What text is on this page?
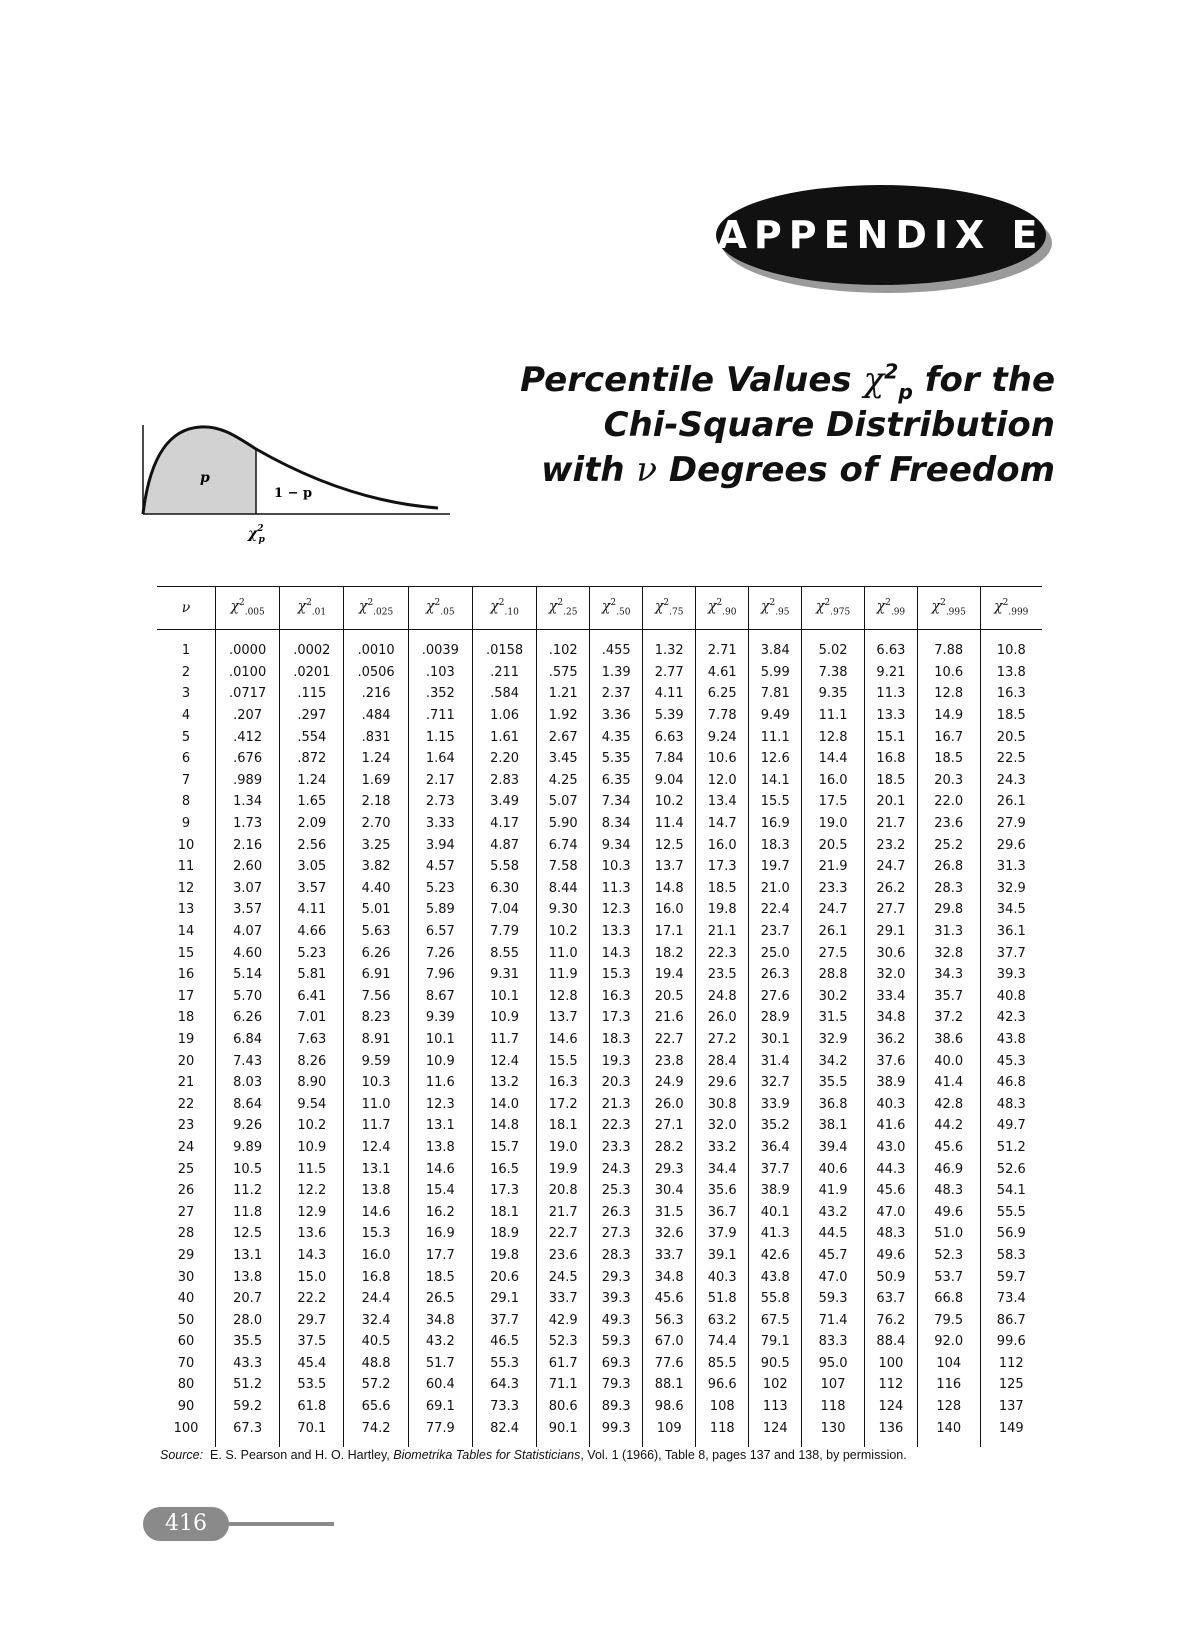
APPENDIX E
Percentile Values $\chi^2_p$ for the
Chi-Square Distribution
with ν Degrees of Freedom
p
1 − p
$\chi^2$ p
ν	$\chi^2_{.005}$	$\chi^2_{.01}$	$\chi^2_{.025}$	$\chi^2_{.05}$	$\chi^2_{.10}$	$\chi^2_{.25}$	$\chi^2_{.50}$	$\chi^2_{.75}$	$\chi^2_{.90}$	$\chi^2_{.95}$	$\chi^2_{.975}$	$\chi^2_{.99}$	$\chi^2_{.995}$	$\chi^2_{.999}$
1	.0000	.0002	.0010	.0039	.0158	.102	.455	1.32	2.71	3.84	5.02	6.63	7.88	10.8
2	.0100	.0201	.0506	.103	.211	.575	1.39	2.77	4.61	5.99	7.38	9.21	10.6	13.8
3	.0717	.115	.216	.352	.584	1.21	2.37	4.11	6.25	7.81	9.35	11.3	12.8	16.3
4	.207	.297	.484	.711	1.06	1.92	3.36	5.39	7.78	9.49	11.1	13.3	14.9	18.5
5	.412	.554	.831	1.15	1.61	2.67	4.35	6.63	9.24	11.1	12.8	15.1	16.7	20.5
6	.676	.872	1.24	1.64	2.20	3.45	5.35	7.84	10.6	12.6	14.4	16.8	18.5	22.5
7	.989	1.24	1.69	2.17	2.83	4.25	6.35	9.04	12.0	14.1	16.0	18.5	20.3	24.3
8	1.34	1.65	2.18	2.73	3.49	5.07	7.34	10.2	13.4	15.5	17.5	20.1	22.0	26.1
9	1.73	2.09	2.70	3.33	4.17	5.90	8.34	11.4	14.7	16.9	19.0	21.7	23.6	27.9
10	2.16	2.56	3.25	3.94	4.87	6.74	9.34	12.5	16.0	18.3	20.5	23.2	25.2	29.6
11	2.60	3.05	3.82	4.57	5.58	7.58	10.3	13.7	17.3	19.7	21.9	24.7	26.8	31.3
12	3.07	3.57	4.40	5.23	6.30	8.44	11.3	14.8	18.5	21.0	23.3	26.2	28.3	32.9
13	3.57	4.11	5.01	5.89	7.04	9.30	12.3	16.0	19.8	22.4	24.7	27.7	29.8	34.5
14	4.07	4.66	5.63	6.57	7.79	10.2	13.3	17.1	21.1	23.7	26.1	29.1	31.3	36.1
15	4.60	5.23	6.26	7.26	8.55	11.0	14.3	18.2	22.3	25.0	27.5	30.6	32.8	37.7
16	5.14	5.81	6.91	7.96	9.31	11.9	15.3	19.4	23.5	26.3	28.8	32.0	34.3	39.3
17	5.70	6.41	7.56	8.67	10.1	12.8	16.3	20.5	24.8	27.6	30.2	33.4	35.7	40.8
18	6.26	7.01	8.23	9.39	10.9	13.7	17.3	21.6	26.0	28.9	31.5	34.8	37.2	42.3
19	6.84	7.63	8.91	10.1	11.7	14.6	18.3	22.7	27.2	30.1	32.9	36.2	38.6	43.8
20	7.43	8.26	9.59	10.9	12.4	15.5	19.3	23.8	28.4	31.4	34.2	37.6	40.0	45.3
21	8.03	8.90	10.3	11.6	13.2	16.3	20.3	24.9	29.6	32.7	35.5	38.9	41.4	46.8
22	8.64	9.54	11.0	12.3	14.0	17.2	21.3	26.0	30.8	33.9	36.8	40.3	42.8	48.3
23	9.26	10.2	11.7	13.1	14.8	18.1	22.3	27.1	32.0	35.2	38.1	41.6	44.2	49.7
24	9.89	10.9	12.4	13.8	15.7	19.0	23.3	28.2	33.2	36.4	39.4	43.0	45.6	51.2
25	10.5	11.5	13.1	14.6	16.5	19.9	24.3	29.3	34.4	37.7	40.6	44.3	46.9	52.6
26	11.2	12.2	13.8	15.4	17.3	20.8	25.3	30.4	35.6	38.9	41.9	45.6	48.3	54.1
27	11.8	12.9	14.6	16.2	18.1	21.7	26.3	31.5	36.7	40.1	43.2	47.0	49.6	55.5
28	12.5	13.6	15.3	16.9	18.9	22.7	27.3	32.6	37.9	41.3	44.5	48.3	51.0	56.9
29	13.1	14.3	16.0	17.7	19.8	23.6	28.3	33.7	39.1	42.6	45.7	49.6	52.3	58.3
30	13.8	15.0	16.8	18.5	20.6	24.5	29.3	34.8	40.3	43.8	47.0	50.9	53.7	59.7
40	20.7	22.2	24.4	26.5	29.1	33.7	39.3	45.6	51.8	55.8	59.3	63.7	66.8	73.4
50	28.0	29.7	32.4	34.8	37.7	42.9	49.3	56.3	63.2	67.5	71.4	76.2	79.5	86.7
60	35.5	37.5	40.5	43.2	46.5	52.3	59.3	67.0	74.4	79.1	83.3	88.4	92.0	99.6
70	43.3	45.4	48.8	51.7	55.3	61.7	69.3	77.6	85.5	90.5	95.0	100	104	112
80	51.2	53.5	57.2	60.4	64.3	71.1	79.3	88.1	96.6	102	107	112	116	125
90	59.2	61.8	65.6	69.1	73.3	80.6	89.3	98.6	108	113	118	124	128	137
100	67.3	70.1	74.2	77.9	82.4	90.1	99.3	109	118	124	130	136	140	149
Source: E. S. Pearson and H. O. Hartley, Biometrika Tables for Statisticians, Vol. 1 (1966), Table 8, pages 137 and 138, by permission.
416
